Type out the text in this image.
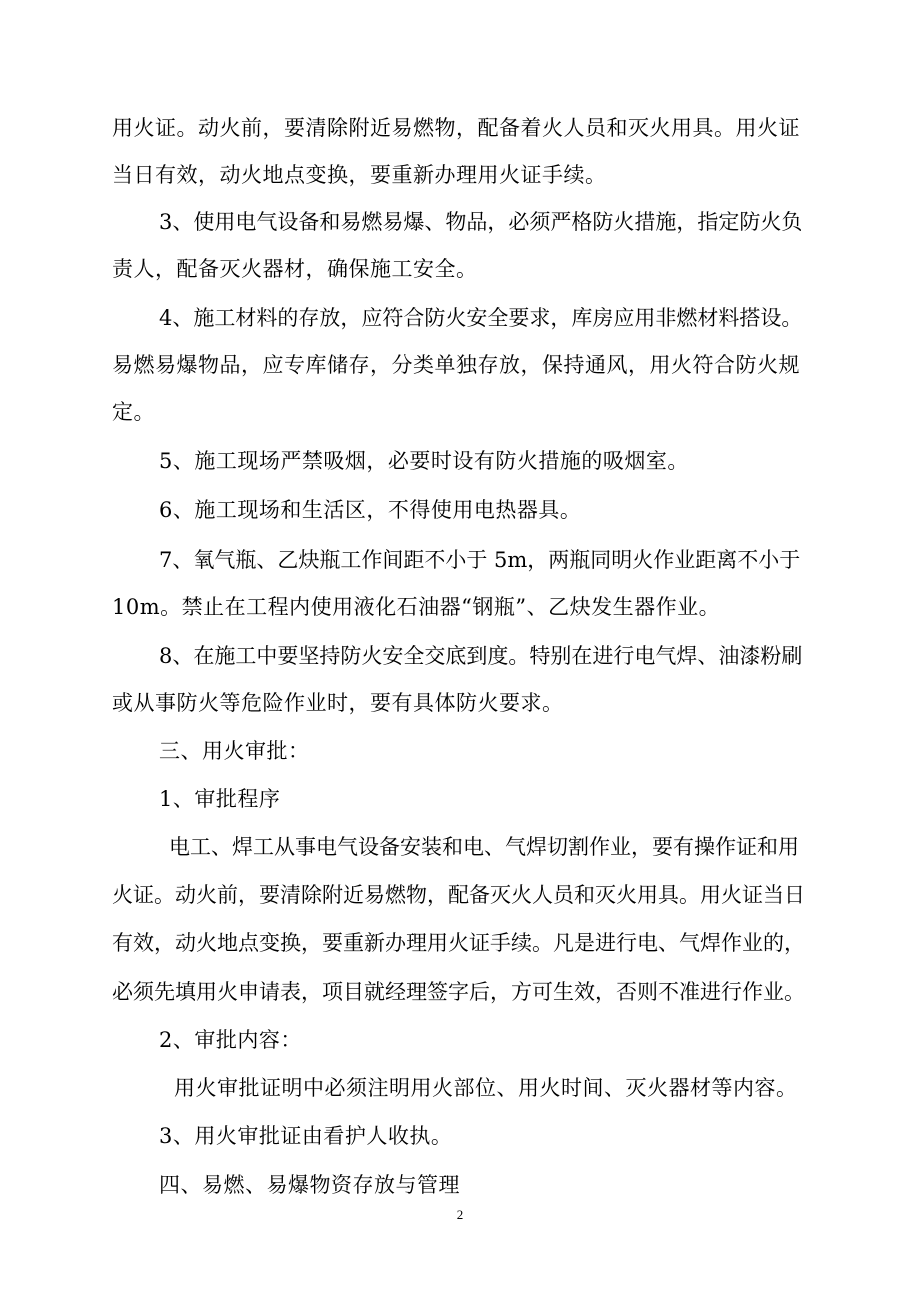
用火证。动火前，要清除附近易燃物，配备着火人员和灭火用具。用火证
当日有效，动火地点变换，要重新办理用火证手续。
3、使用电气设备和易燃易爆、物品，必须严格防火措施，指定防火负
责人，配备灭火器材，确保施工安全。
4、施工材料的存放，应符合防火安全要求，库房应用非燃材料搭设。
易燃易爆物品，应专库储存，分类单独存放，保持通风，用火符合防火规
定。
5、施工现场严禁吸烟，必要时设有防火措施的吸烟室。
6、施工现场和生活区，不得使用电热器具。
7、氧气瓶、乙炔瓶工作间距不小于 5m，两瓶同明火作业距离不小于
10m。禁止在工程内使用液化石油器“钢瓶”、乙炔发生器作业。
8、在施工中要坚持防火安全交底到度。特别在进行电气焊、油漆粉刷
或从事防火等危险作业时，要有具体防火要求。
三、用火审批：
1、审批程序
电工、焊工从事电气设备安装和电、气焊切割作业，要有操作证和用
火证。动火前，要清除附近易燃物，配备灭火人员和灭火用具。用火证当日
有效，动火地点变换，要重新办理用火证手续。凡是进行电、气焊作业的，
必须先填用火申请表，项目就经理签字后，方可生效，否则不准进行作业。
2、审批内容：
用火审批证明中必须注明用火部位、用火时间、灭火器材等内容。
3、用火审批证由看护人收执。
四、易燃、易爆物资存放与管理
2
